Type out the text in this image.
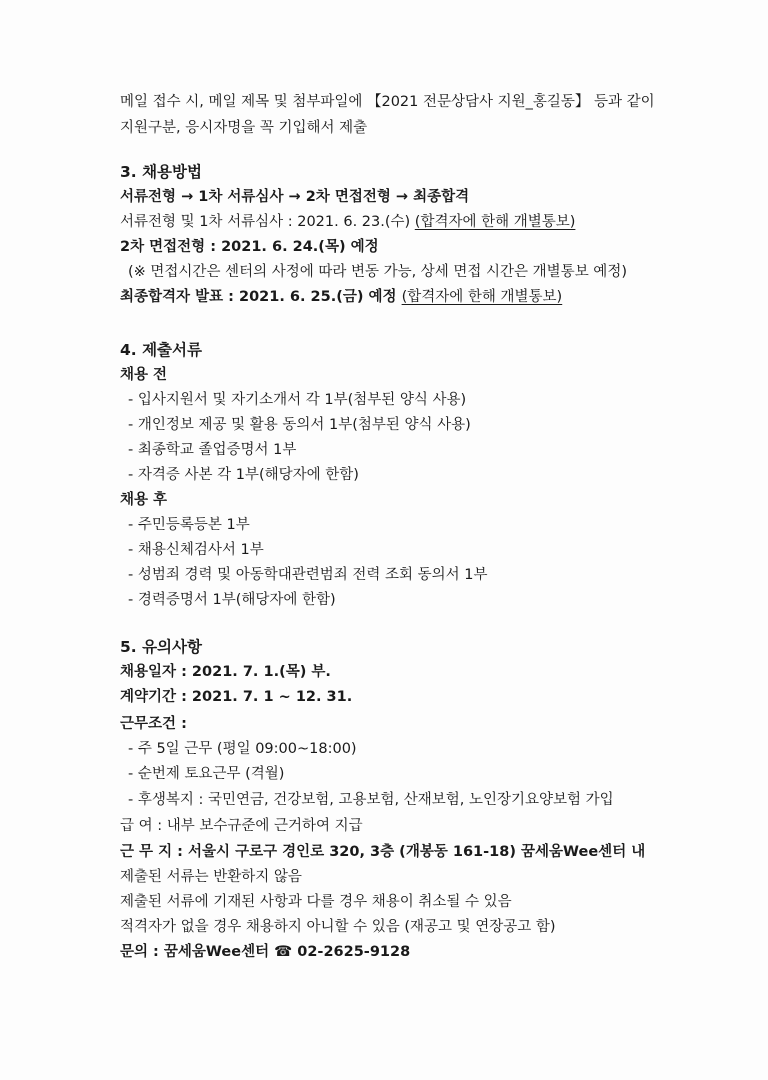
메일 접수 시, 메일 제목 및 첨부파일에 【2021 전문상담사 지원_홍길동】 등과 같이
지원구분, 응시자명을 꼭 기입해서 제출
3. 채용방법
서류전형 → 1차 서류심사 → 2차 면접전형 → 최종합격
서류전형 및 1차 서류심사 : 2021. 6. 23.(수) (합격자에 한해 개별통보)
2차 면접전형 : 2021. 6. 24.(목) 예정
(※ 면접시간은 센터의 사정에 따라 변동 가능, 상세 면접 시간은 개별통보 예정)
최종합격자 발표 : 2021. 6. 25.(금) 예정 (합격자에 한해 개별통보)
4. 제출서류
채용 전
- 입사지원서 및 자기소개서 각 1부(첨부된 양식 사용)
- 개인정보 제공 및 활용 동의서 1부(첨부된 양식 사용)
- 최종학교 졸업증명서 1부
- 자격증 사본 각 1부(해당자에 한함)
채용 후
- 주민등록등본 1부
- 채용신체검사서 1부
- 성범죄 경력 및 아동학대관련범죄 전력 조회 동의서 1부
- 경력증명서 1부(해당자에 한함)
5. 유의사항
채용일자 : 2021. 7. 1.(목) 부.
계약기간 : 2021. 7. 1 ~ 12. 31.
근무조건 :
- 주 5일 근무 (평일 09:00~18:00)
- 순번제 토요근무 (격월)
- 후생복지 : 국민연금, 건강보험, 고용보험, 산재보험, 노인장기요양보험 가입
급 여 : 내부 보수규준에 근거하여 지급
근 무 지 : 서울시 구로구 경인로 320, 3층 (개봉동 161-18) 꿈세움Wee센터 내
제출된 서류는 반환하지 않음
제출된 서류에 기재된 사항과 다를 경우 채용이 취소될 수 있음
적격자가 없을 경우 채용하지 아니할 수 있음 (재공고 및 연장공고 함)
문의 : 꿈세움Wee센터 ☎ 02-2625-9128
